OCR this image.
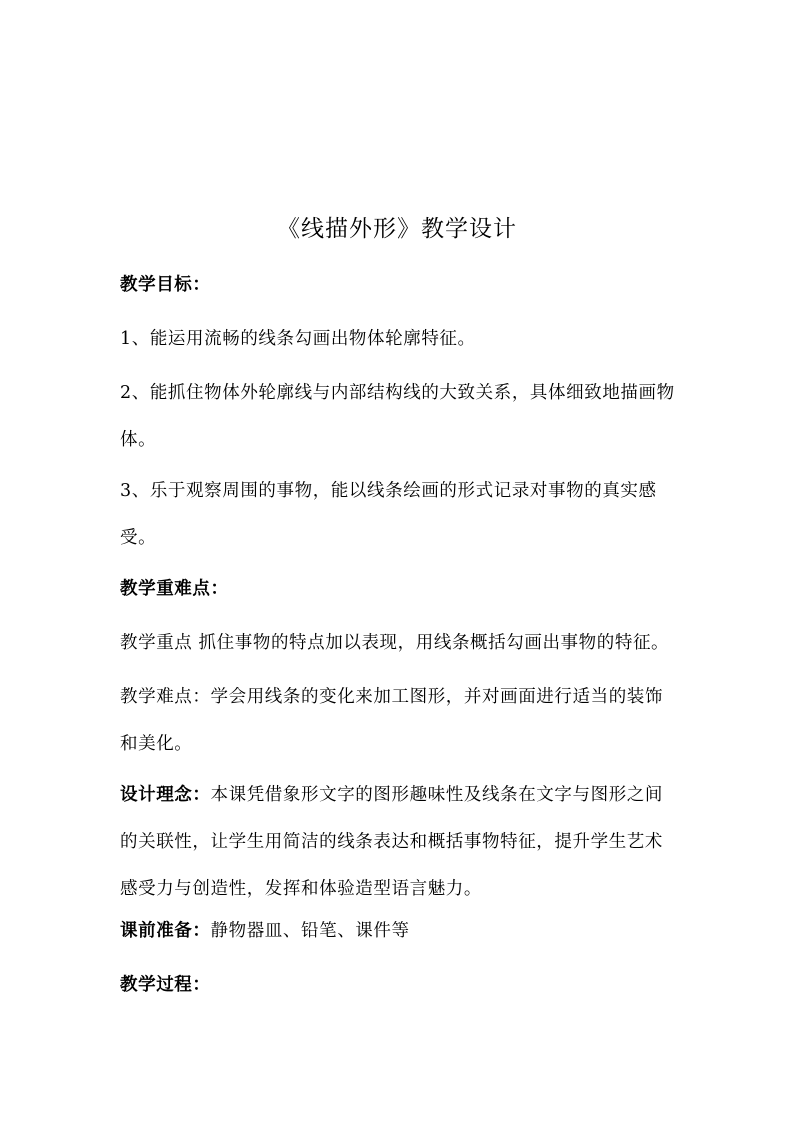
《线描外形》教学设计
教学目标：
1、能运用流畅的线条勾画出物体轮廓特征。
2、能抓住物体外轮廓线与内部结构线的大致关系，具体细致地描画物体。
3、乐于观察周围的事物，能以线条绘画的形式记录对事物的真实感受。
教学重难点：
教学重点 抓住事物的特点加以表现，用线条概括勾画出事物的特征。
教学难点：学会用线条的变化来加工图形，并对画面进行适当的装饰和美化。
设计理念：本课凭借象形文字的图形趣味性及线条在文字与图形之间的关联性，让学生用简洁的线条表达和概括事物特征，提升学生艺术感受力与创造性，发挥和体验造型语言魅力。
课前准备：静物器皿、铅笔、课件等
教学过程：
